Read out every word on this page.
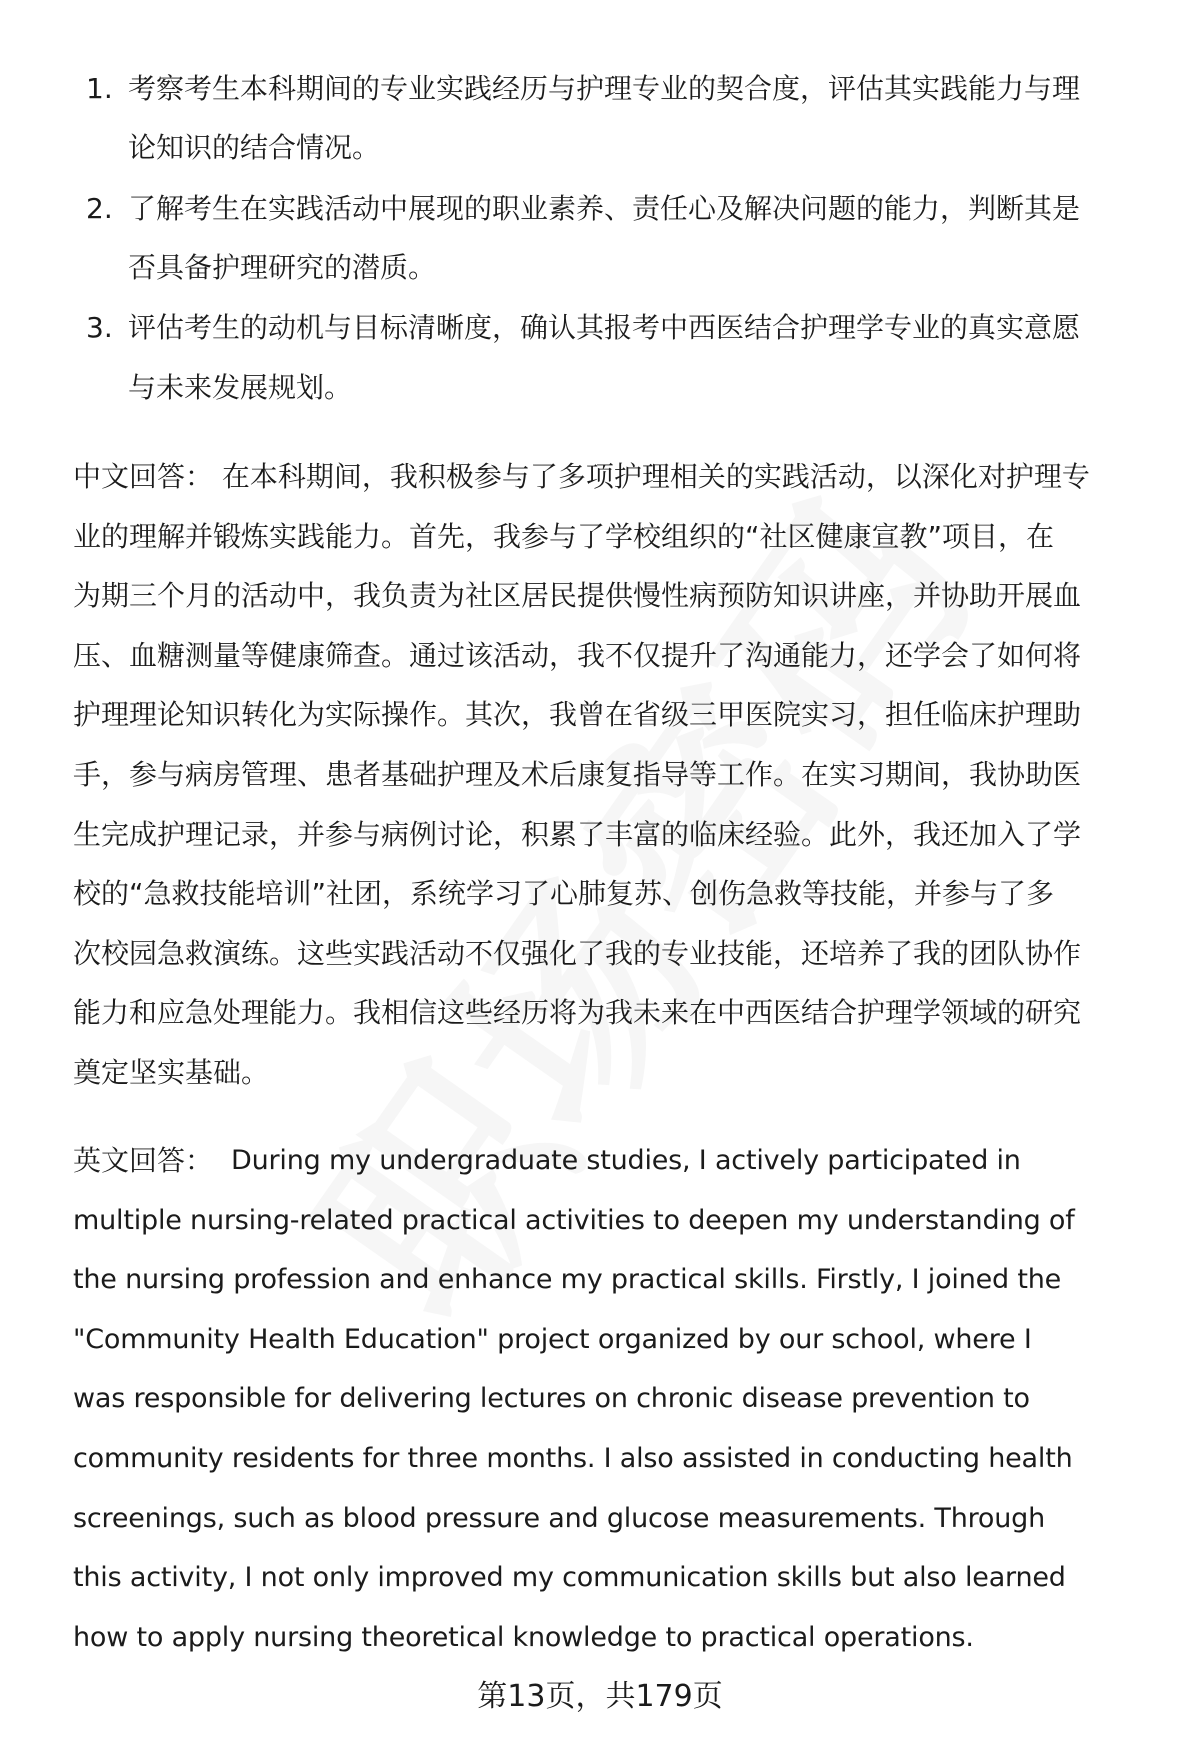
1. 考察考生本科期间的专业实践经历与护理专业的契合度，评估其实践能力与理
论知识的结合情况。
2. 了解考生在实践活动中展现的职业素养、责任心及解决问题的能力，判断其是
否具备护理研究的潜质。
3. 评估考生的动机与目标清晰度，确认其报考中西医结合护理学专业的真实意愿
与未来发展规划。
中文回答： 在本科期间，我积极参与了多项护理相关的实践活动，以深化对护理专
业的理解并锻炼实践能力。首先，我参与了学校组织的“社区健康宣教”项目，在
为期三个月的活动中，我负责为社区居民提供慢性病预防知识讲座，并协助开展血
压、血糖测量等健康筛查。通过该活动，我不仅提升了沟通能力，还学会了如何将
护理理论知识转化为实际操作。其次，我曾在省级三甲医院实习，担任临床护理助
手，参与病房管理、患者基础护理及术后康复指导等工作。在实习期间，我协助医
生完成护理记录，并参与病例讨论，积累了丰富的临床经验。此外，我还加入了学
校的“急救技能培训”社团，系统学习了心肺复苏、创伤急救等技能，并参与了多
次校园急救演练。这些实践活动不仅强化了我的专业技能，还培养了我的团队协作
能力和应急处理能力。我相信这些经历将为我未来在中西医结合护理学领域的研究
奠定坚实基础。
英文回答： During my undergraduate studies, I actively participated in
multiple nursing-related practical activities to deepen my understanding of
the nursing profession and enhance my practical skills. Firstly, I joined the
"Community Health Education" project organized by our school, where I
was responsible for delivering lectures on chronic disease prevention to
community residents for three months. I also assisted in conducting health
screenings, such as blood pressure and glucose measurements. Through
this activity, I not only improved my communication skills but also learned
how to apply nursing theoretical knowledge to practical operations.
第13页，共179页
